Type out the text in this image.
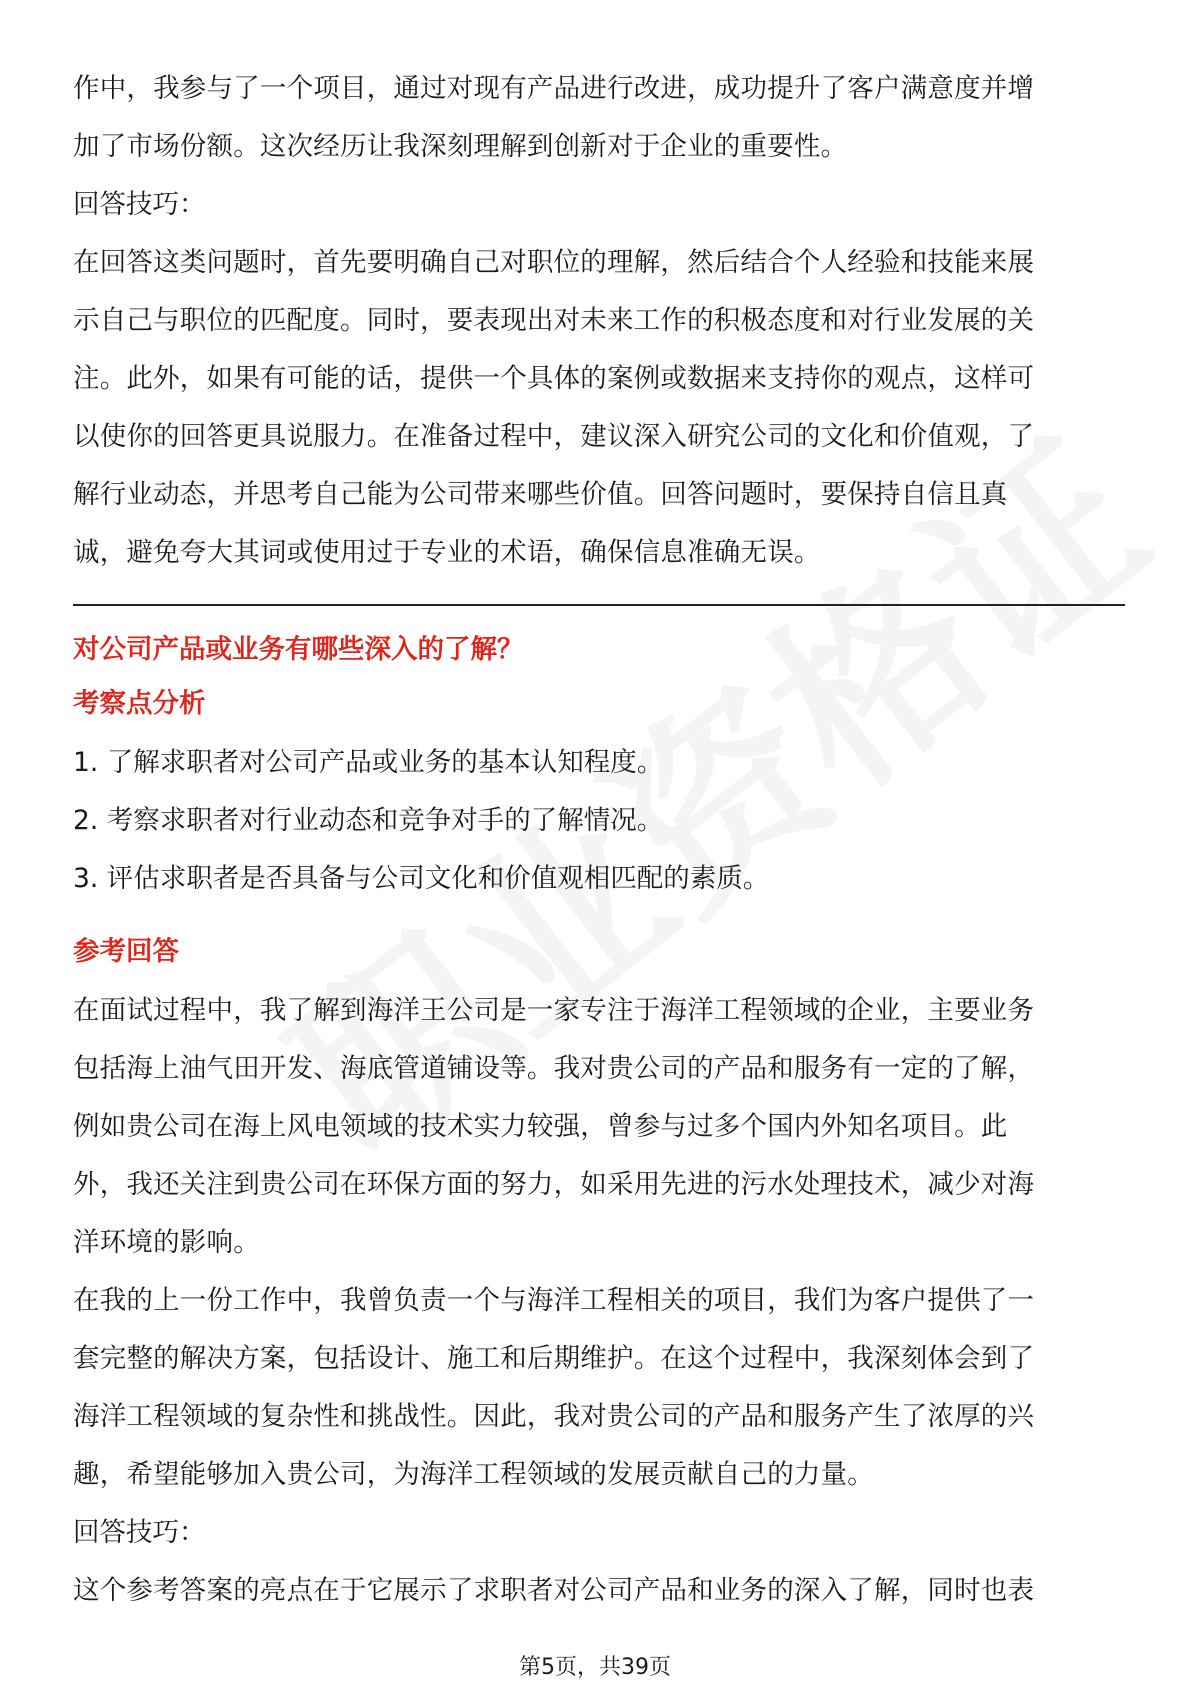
作中，我参与了一个项目，通过对现有产品进行改进，成功提升了客户满意度并增

加了市场份额。这次经历让我深刻理解到创新对于企业的重要性。

回答技巧：

在回答这类问题时，首先要明确自己对职位的理解，然后结合个人经验和技能来展

示自己与职位的匹配度。同时，要表现出对未来工作的积极态度和对行业发展的关

注。此外，如果有可能的话，提供一个具体的案例或数据来支持你的观点，这样可

以使你的回答更具说服力。在准备过程中，建议深入研究公司的文化和价值观，了

解行业动态，并思考自己能为公司带来哪些价值。回答问题时，要保持自信且真

诚，避免夸大其词或使用过于专业的术语，确保信息准确无误。

对公司产品或业务有哪些深入的了解？
考察点分析
1. 了解求职者对公司产品或业务的基本认知程度。
2. 考察求职者对行业动态和竞争对手的了解情况。
3. 评估求职者是否具备与公司文化和价值观相匹配的素质。
参考回答

在面试过程中，我了解到海洋王公司是一家专注于海洋工程领域的企业，主要业务

包括海上油气田开发、海底管道铺设等。我对贵公司的产品和服务有一定的了解，

例如贵公司在海上风电领域的技术实力较强，曾参与过多个国内外知名项目。此

外，我还关注到贵公司在环保方面的努力，如采用先进的污水处理技术，减少对海

洋环境的影响。

在我的上一份工作中，我曾负责一个与海洋工程相关的项目，我们为客户提供了一

套完整的解决方案，包括设计、施工和后期维护。在这个过程中，我深刻体会到了

海洋工程领域的复杂性和挑战性。因此，我对贵公司的产品和服务产生了浓厚的兴

趣，希望能够加入贵公司，为海洋工程领域的发展贡献自己的力量。

回答技巧：

这个参考答案的亮点在于它展示了求职者对公司产品和业务的深入了解，同时也表

第5页，共39页
